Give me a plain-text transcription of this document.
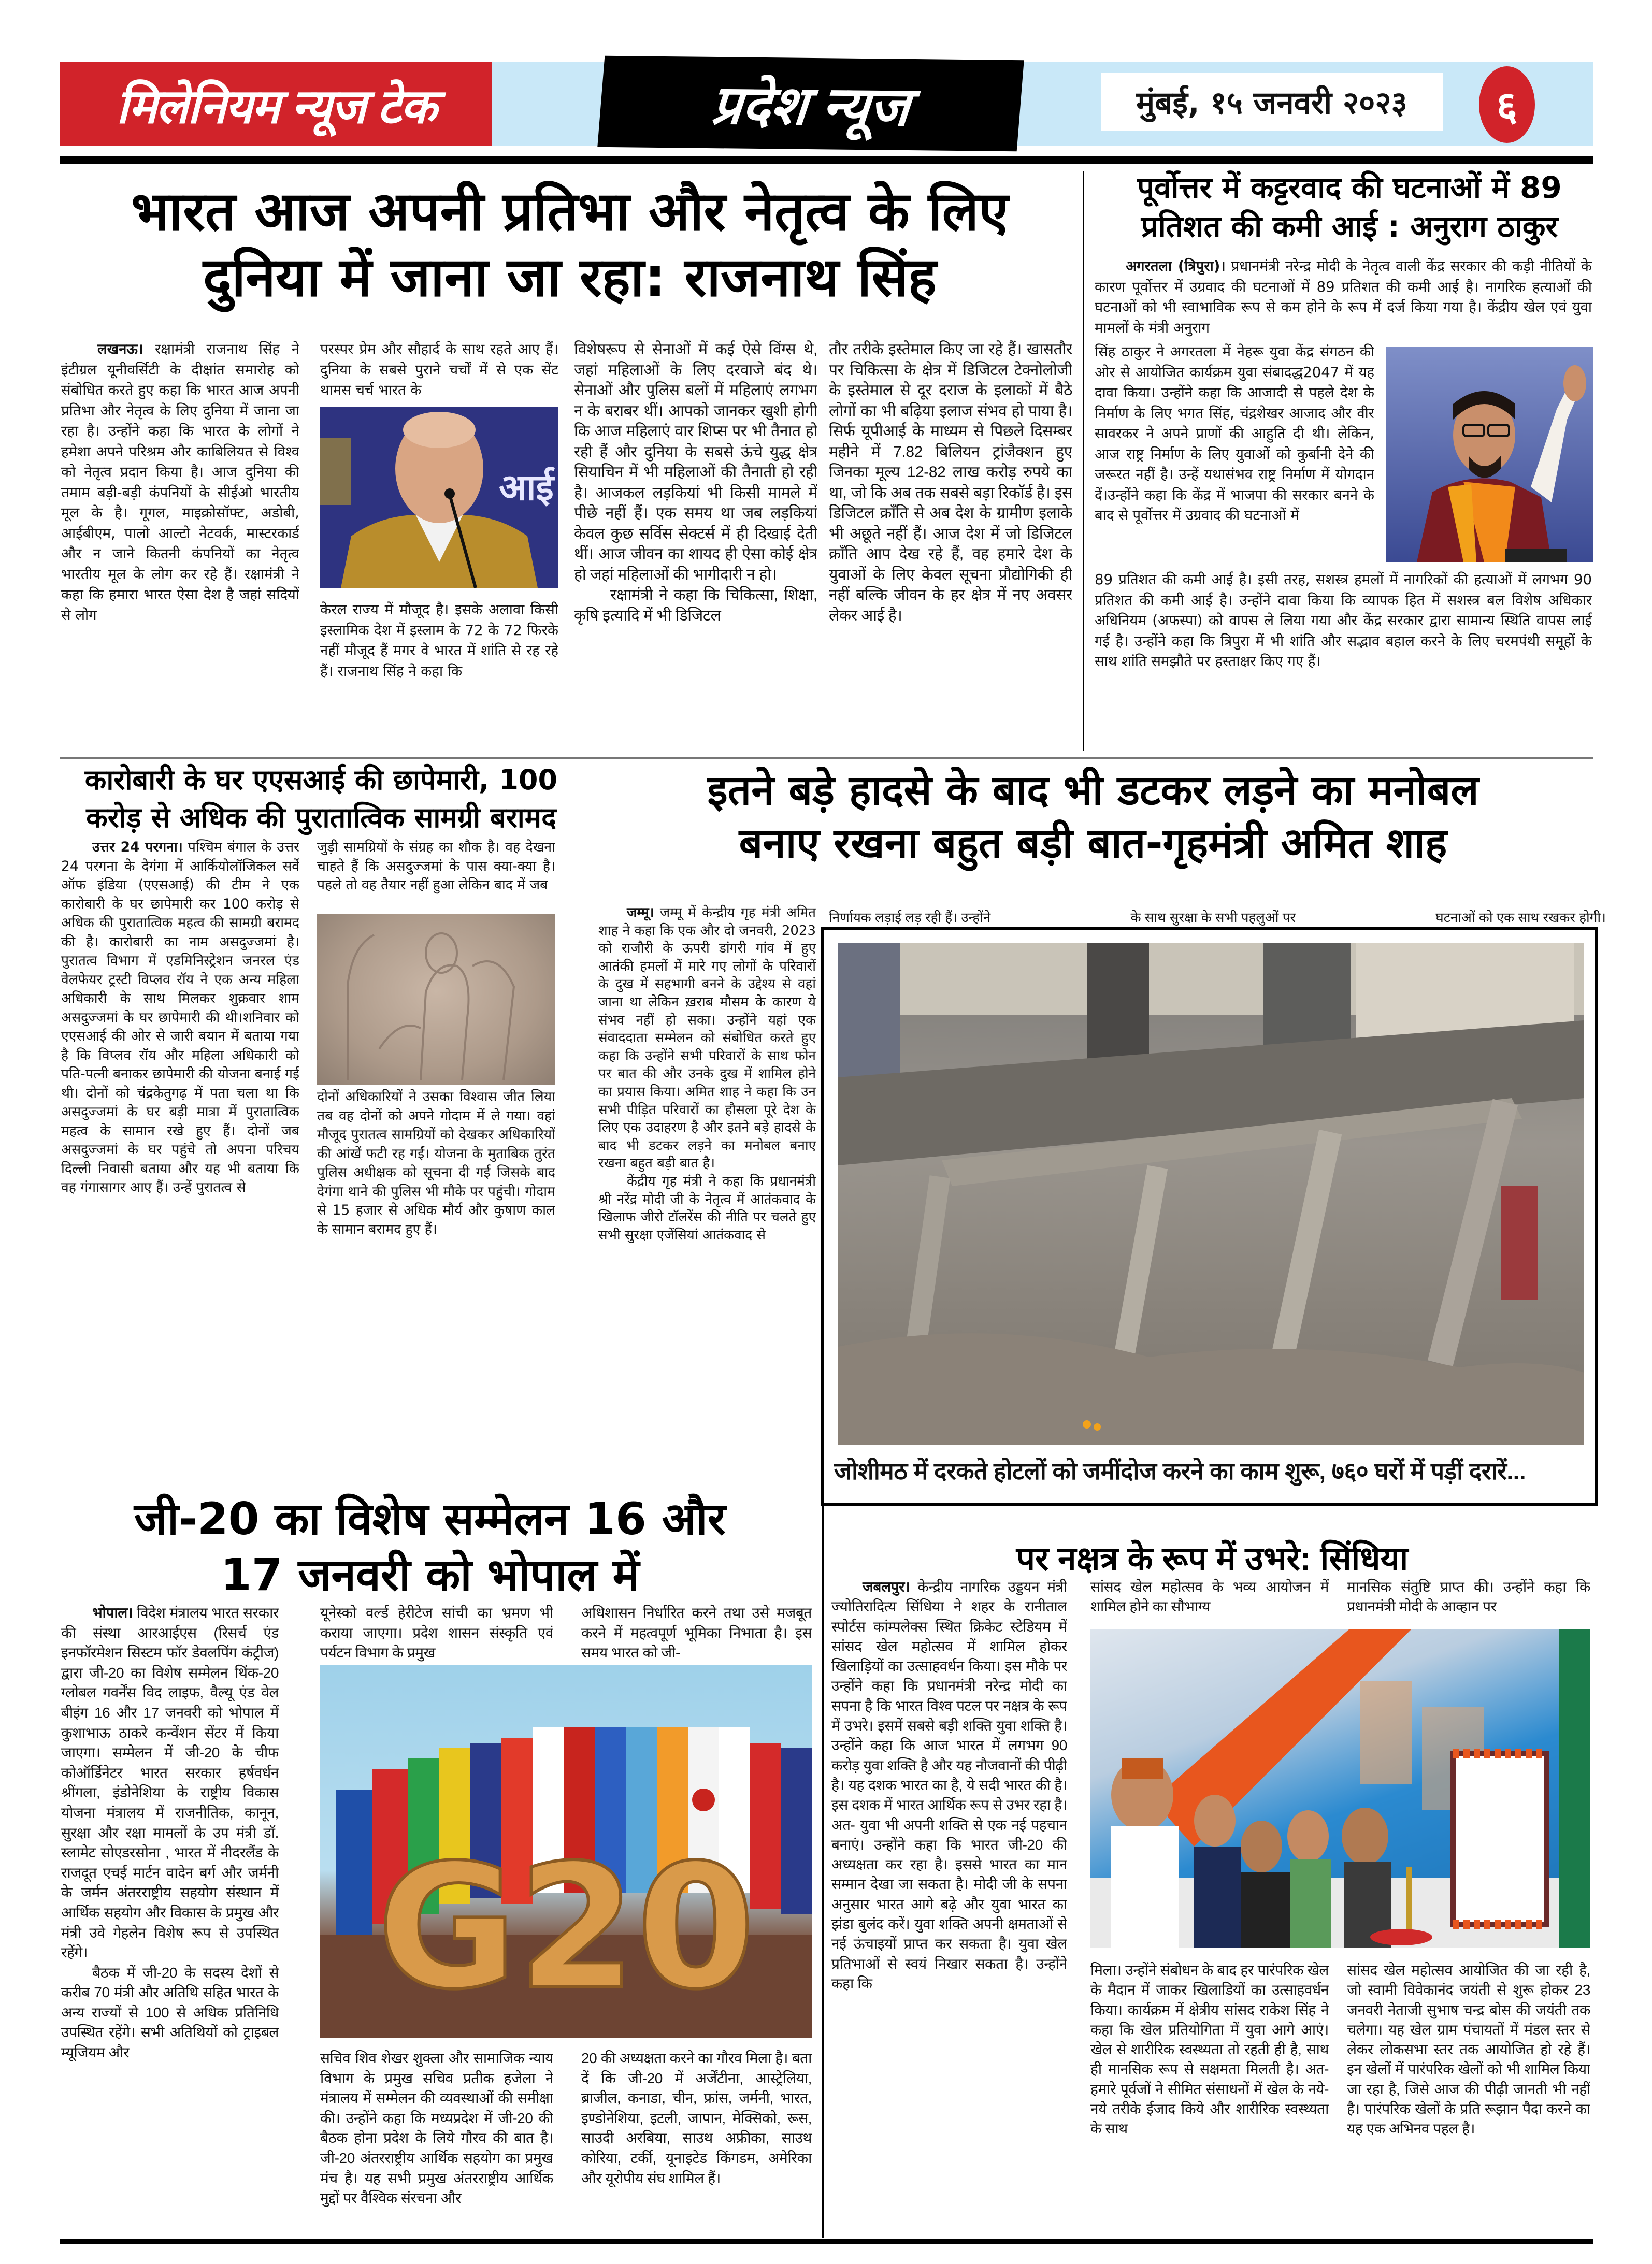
मिलेनियम न्यूज टेक	प्रदेश न्यूज	मुंबई, १५ जनवरी २०२३	६
भारत आज अपनी प्रतिभा और नेतृत्व के लिए
दुनिया में जाना जा रहा: राजनाथ सिंह
लखनऊ। रक्षामंत्री राजनाथ सिंह ने इंटीग्रल यूनीवर्सिटी के दीक्षांत समारोह को संबोधित करते हुए कहा कि भारत आज अपनी प्रतिभा और नेतृत्व के लिए दुनिया में जाना जा रहा है। उन्होंने कहा कि भारत के लोगों ने हमेशा अपने परिश्रम और काबिलियत से विश्व को नेतृत्व प्रदान किया है। आज दुनिया की तमाम बड़ी-बड़ी कंपनियों के सीईओ भारतीय मूल के है। गूगल, माइक्रोसॉफ्ट, अडोबी, आईबीएम, पालो आल्टो नेटवर्क, मास्टरकार्ड और न जाने कितनी कंपनियों का नेतृत्व भारतीय मूल के लोग कर रहे हैं। रक्षामंत्री ने कहा कि हमारा भारत ऐसा देश है जहां सदियों से लोग
परस्पर प्रेम और सौहार्द के साथ रहते आए हैं। दुनिया के सबसे पुराने चर्चों में से एक सेंट थामस चर्च भारत के
आई
केरल राज्य में मौजूद है। इसके अलावा किसी इस्लामिक देश में इस्लाम के 72 के 72 फिरके नहीं मौजूद हैं मगर वे भारत में शांति से रह रहे हैं। राजनाथ सिंह ने कहा कि
विशेषरूप से सेनाओं में कई ऐसे विंग्स थे, जहां महिलाओं के लिए दरवाजे बंद थे। सेनाओं और पुलिस बलों में महिलाएं लगभग न के बराबर थीं। आपको जानकर खुशी होगी कि आज महिलाएं वार शिप्स पर भी तैनात हो रही हैं और दुनिया के सबसे ऊंचे युद्ध क्षेत्र सियाचिन में भी महिलाओं की तैनाती हो रही है। आजकल लड़कियां भी किसी मामले में पीछे नहीं हैं। एक समय था जब लड़कियां केवल कुछ सर्विस सेक्टर्स में ही दिखाई देती थीं। आज जीवन का शायद ही ऐसा कोई क्षेत्र हो जहां महिलाओं की भागीदारी न हो।
रक्षामंत्री ने कहा कि चिकित्सा, शिक्षा, कृषि इत्यादि में भी डिजिटल
तौर तरीके इस्तेमाल किए जा रहे हैं। खासतौर पर चिकित्सा के क्षेत्र में डिजिटल टेक्नोलोजी के इस्तेमाल से दूर दराज के इलाकों में बैठे लोगों का भी बढ़िया इलाज संभव हो पाया है। सिर्फ यूपीआई के माध्यम से पिछले दिसम्बर महीने में 7.82 बिलियन ट्रांजैक्शन हुए जिनका मूल्य 12-82 लाख करोड़ रुपये का था, जो कि अब तक सबसे बड़ा रिकॉर्ड है। इस डिजिटल क्राँति से अब देश के ग्रामीण इलाके भी अछूते नहीं हैं। आज देश में जो डिजिटल क्राँति आप देख रहे हैं, वह हमारे देश के युवाओं के लिए केवल सूचना प्रौद्योगिकी ही नहीं बल्कि जीवन के हर क्षेत्र में नए अवसर लेकर आई है।
पूर्वोत्तर में कट्टरवाद की घटनाओं में 89
प्रतिशत की कमी आई : अनुराग ठाकुर
अगरतला (त्रिपुरा)। प्रधानमंत्री नरेन्द्र मोदी के नेतृत्व वाली केंद्र सरकार की कड़ी नीतियों के कारण पूर्वोत्तर में उग्रवाद की घटनाओं में 89 प्रतिशत की कमी आई है। नागरिक हत्याओं की घटनाओं को भी स्वाभाविक रूप से कम होने के रूप में दर्ज किया गया है। केंद्रीय खेल एवं युवा मामलों के मंत्री अनुराग
सिंह ठाकुर ने अगरतला में नेहरू युवा केंद्र संगठन की ओर से आयोजित कार्यक्रम युवा संबादद्ध2047 में यह दावा किया। उन्होंने कहा कि आजादी से पहले देश के निर्माण के लिए भगत सिंह, चंद्रशेखर आजाद और वीर सावरकर ने अपने प्राणों की आहुति दी थी। लेकिन, आज राष्ट्र निर्माण के लिए युवाओं को कुर्बानी देने की जरूरत नहीं है। उन्हें यथासंभव राष्ट्र निर्माण में योगदान दें।उन्होंने कहा कि केंद्र में भाजपा की सरकार बनने के बाद से पूर्वोत्तर में उग्रवाद की घटनाओं में
89 प्रतिशत की कमी आई है। इसी तरह, सशस्त्र हमलों में नागरिकों की हत्याओं में लगभग 90 प्रतिशत की कमी आई है। उन्होंने दावा किया कि व्यापक हित में सशस्त्र बल विशेष अधिकार अधिनियम (अफस्पा) को वापस ले लिया गया और केंद्र सरकार द्वारा सामान्य स्थिति वापस लाई गई है। उन्होंने कहा कि त्रिपुरा में भी शांति और सद्भाव बहाल करने के लिए चरमपंथी समूहों के साथ शांति समझौते पर हस्ताक्षर किए गए हैं।
कारोबारी के घर एएसआई की छापेमारी, 100
करोड़ से अधिक की पुरातात्विक सामग्री बरामद
उत्तर 24 परगना। पश्चिम बंगाल के उत्तर 24 परगना के देगंगा में आर्कियोलॉजिकल सर्वे ऑफ इंडिया (एएसआई) की टीम ने एक कारोबारी के घर छापेमारी कर 100 करोड़ से अधिक की पुरातात्विक महत्व की सामग्री बरामद की है। कारोबारी का नाम असदुज्जमां है। पुरातत्व विभाग में एडमिनिस्ट्रेशन जनरल एंड वेलफेयर ट्रस्टी विप्लव रॉय ने एक अन्य महिला अधिकारी के साथ मिलकर शुक्रवार शाम असदुज्जमां के घर छापेमारी की थी।शनिवार को एएसआई की ओर से जारी बयान में बताया गया है कि विप्लव रॉय और महिला अधिकारी को पति-पत्नी बनाकर छापेमारी की योजना बनाई गई थी। दोनों को चंद्रकेतुगढ़ में पता चला था कि असदुज्जमां के घर बड़ी मात्रा में पुरातात्विक महत्व के सामान रखे हुए हैं। दोनों जब असदुज्जमां के घर पहुंचे तो अपना परिचय दिल्ली निवासी बताया और यह भी बताया कि वह गंगासागर आए हैं। उन्हें पुरातत्व से
जुड़ी सामग्रियों के संग्रह का शौक है। वह देखना चाहते हैं कि असदुज्जमां के पास क्या-क्या है। पहले तो वह तैयार नहीं हुआ लेकिन बाद में जब
दोनों अधिकारियों ने उसका विश्वास जीत लिया तब वह दोनों को अपने गोदाम में ले गया। वहां मौजूद पुरातत्व सामग्रियों को देखकर अधिकारियों की आंखें फटी रह गईं। योजना के मुताबिक तुरंत पुलिस अधीक्षक को सूचना दी गई जिसके बाद देगंगा थाने की पुलिस भी मौके पर पहुंची। गोदाम से 15 हजार से अधिक मौर्य और कुषाण काल के सामान बरामद हुए हैं।
इतने बड़े हादसे के बाद भी डटकर लड़ने का मनोबल
बनाए रखना बहुत बड़ी बात-गृहमंत्री अमित शाह
जम्मू। जम्मू में केन्द्रीय गृह मंत्री अमित शाह ने कहा कि एक और दो जनवरी, 2023 को राजौरी के ऊपरी डांगरी गांव में हुए आतंकी हमलों में मारे गए लोगों के परिवारों के दुख में सहभागी बनने के उद्देश्य से वहां जाना था लेकिन ख़राब मौसम के कारण ये संभव नहीं हो सका। उन्होंने यहां एक संवाददाता सम्मेलन को संबोधित करते हुए कहा कि उन्होंने सभी परिवारों के साथ फोन पर बात की और उनके दुख में शामिल होने का प्रयास किया। अमित शाह ने कहा कि उन सभी पीड़ित परिवारों का हौसला पूरे देश के लिए एक उदाहरण है और इतने बड़े हादसे के बाद भी डटकर लड़ने का मनोबल बनाए रखना बहुत बड़ी बात है।
केंद्रीय गृह मंत्री ने कहा कि प्रधानमंत्री श्री नरेंद्र मोदी जी के नेतृत्व में आतंकवाद के खिलाफ जीरो टॉलरेंस की नीति पर चलते हुए सभी सुरक्षा एजेंसियां आतंकवाद से
निर्णायक लड़ाई लड़ रही हैं। उन्होंने	के साथ सुरक्षा के सभी पहलुओं पर	घटनाओं को एक साथ रखकर होगी।
जोशीमठ में दरकते होटलों को जमींदोज करने का काम शुरू, ७६० घरों में पड़ीं दरारें...
जी-20 का विशेष सम्मेलन 16 और
17 जनवरी को भोपाल में
भोपाल। विदेश मंत्रालय भारत सरकार की संस्था आरआईएस (रिसर्च एंड इनफॉरमेशन सिस्टम फॉर डेवलपिंग कंट्रीज) द्वारा जी-20 का विशेष सम्मेलन थिंक-20 ग्लोबल गवर्नेंस विद लाइफ, वैल्यू एंड वेल बीइंग 16 और 17 जनवरी को भोपाल में कुशाभाऊ ठाकरे कन्वेंशन सेंटर में किया जाएगा। सम्मेलन में जी-20 के चीफ कोऑर्डिनेटर भारत सरकार हर्षवर्धन श्रींगला, इंडोनेशिया के राष्ट्रीय विकास योजना मंत्रालय में राजनीतिक, कानून, सुरक्षा और रक्षा मामलों के उप मंत्री डॉ. स्लामेट सोएडरसोना , भारत में नीदरलैंड के राजदूत एचई मार्टन वादेन बर्ग और जर्मनी के जर्मन अंतरराष्ट्रीय सहयोग संस्थान में आर्थिक सहयोग और विकास के प्रमुख और मंत्री उवे गेहलेन विशेष रूप से उपस्थित रहेंगे।
बैठक में जी-20 के सदस्य देशों से करीब 70 मंत्री और अतिथि सहित भारत के अन्य राज्यों से 100 से अधिक प्रतिनिधि उपस्थित रहेंगे। सभी अतिथियों को ट्राइबल म्यूजियम और
यूनेस्को वर्ल्ड हेरीटेज सांची का भ्रमण भी कराया जाएगा। प्रदेश शासन संस्कृति एवं पर्यटन विभाग के प्रमुख
अधिशासन निर्धारित करने तथा उसे मजबूत करने में महत्वपूर्ण भूमिका निभाता है। इस समय भारत को जी-
G20
सचिव शिव शेखर शुक्ला और सामाजिक न्याय विभाग के प्रमुख सचिव प्रतीक हजेला ने मंत्रालय में सम्मेलन की व्यवस्थाओं की समीक्षा की। उन्होंने कहा कि मध्यप्रदेश में जी-20 की बैठक होना प्रदेश के लिये गौरव की बात है। जी-20 अंतरराष्ट्रीय आर्थिक सहयोग का प्रमुख मंच है। यह सभी प्रमुख अंतरराष्ट्रीय आर्थिक मुद्दों पर वैश्विक संरचना और
20 की अध्यक्षता करने का गौरव मिला है। बता दें कि जी-20 में अर्जेंटीना, आस्ट्रेलिया, ब्राजील, कनाडा, चीन, फ्रांस, जर्मनी, भारत, इण्डोनेशिया, इटली, जापान, मेक्सिको, रूस, साउदी अरबिया, साउथ अफ्रीका, साउथ कोरिया, टर्की, यूनाइटेड किंगडम, अमेरिका और यूरोपीय संघ शामिल हैं।
पर नक्षत्र के रूप में उभरे: सिंधिया
जबलपुर। केन्द्रीय नागरिक उड्डयन मंत्री ज्योतिरादित्य सिंधिया ने शहर के रानीताल स्पोर्टस कांम्पलेक्स स्थित क्रिकेट स्टेडियम में सांसद खेल महोत्सव में शामिल होकर खिलाड़ियों का उत्साहवर्धन किया। इस मौके पर उन्होंने कहा कि प्रधानमंत्री नरेन्द्र मोदी का सपना है कि भारत विश्व पटल पर नक्षत्र के रूप में उभरे। इसमें सबसे बड़ी शक्ति युवा शक्ति है। उन्होंने कहा कि आज भारत में लगभग 90 करोड़ युवा शक्ति है और यह नौजवानों की पीढ़ी है। यह दशक भारत का है, ये सदी भारत की है। इस दशक में भारत आर्थिक रूप से उभर रहा है। अत- युवा भी अपनी शक्ति से एक नई पहचान बनाएं। उन्होंने कहा कि भारत जी-20 की अध्यक्षता कर रहा है। इससे भारत का मान सम्मान देखा जा सकता है। मोदी जी के सपना अनुसार भारत आगे बढ़े और युवा भारत का झंडा बुलंद करें। युवा शक्ति अपनी क्षमताओं से नई ऊंचाइयों प्राप्त कर सकता है। युवा खेल प्रतिभाओं से स्वयं निखार सकता है। उन्होंने कहा कि
सांसद खेल महोत्सव के भव्य आयोजन में शामिल होने का सौभाग्य
मानसिक संतुष्टि प्राप्त की। उन्होंने कहा कि प्रधानमंत्री मोदी के आव्हान पर
मिला। उन्होंने संबोधन के बाद हर पारंपरिक खेल के मैदान में जाकर खिलाडियों का उत्साहवर्धन किया। कार्यक्रम में क्षेत्रीय सांसद राकेश सिंह ने कहा कि खेल प्रतियोगिता में युवा आगे आएं। खेल से शारीरिक स्वस्थ्यता तो रहती ही है, साथ ही मानसिक रूप से सक्षमता मिलती है। अत- हमारे पूर्वजों ने सीमित संसाधनों में खेल के नये-नये तरीके ईजाद किये और शारीरिक स्वस्थ्यता के साथ
सांसद खेल महोत्सव आयोजित की जा रही है, जो स्वामी विवेकानंद जयंती से शुरू होकर 23 जनवरी नेताजी सुभाष चन्द्र बोस की जयंती तक चलेगा। यह खेल ग्राम पंचायतों में मंडल स्तर से लेकर लोकसभा स्तर तक आयोजित हो रहे हैं। इन खेलों में पारंपरिक खेलों को भी शामिल किया जा रहा है, जिसे आज की पीढ़ी जानती भी नहीं है। पारंपरिक खेलों के प्रति रूझान पैदा करने का यह एक अभिनव पहल है।
